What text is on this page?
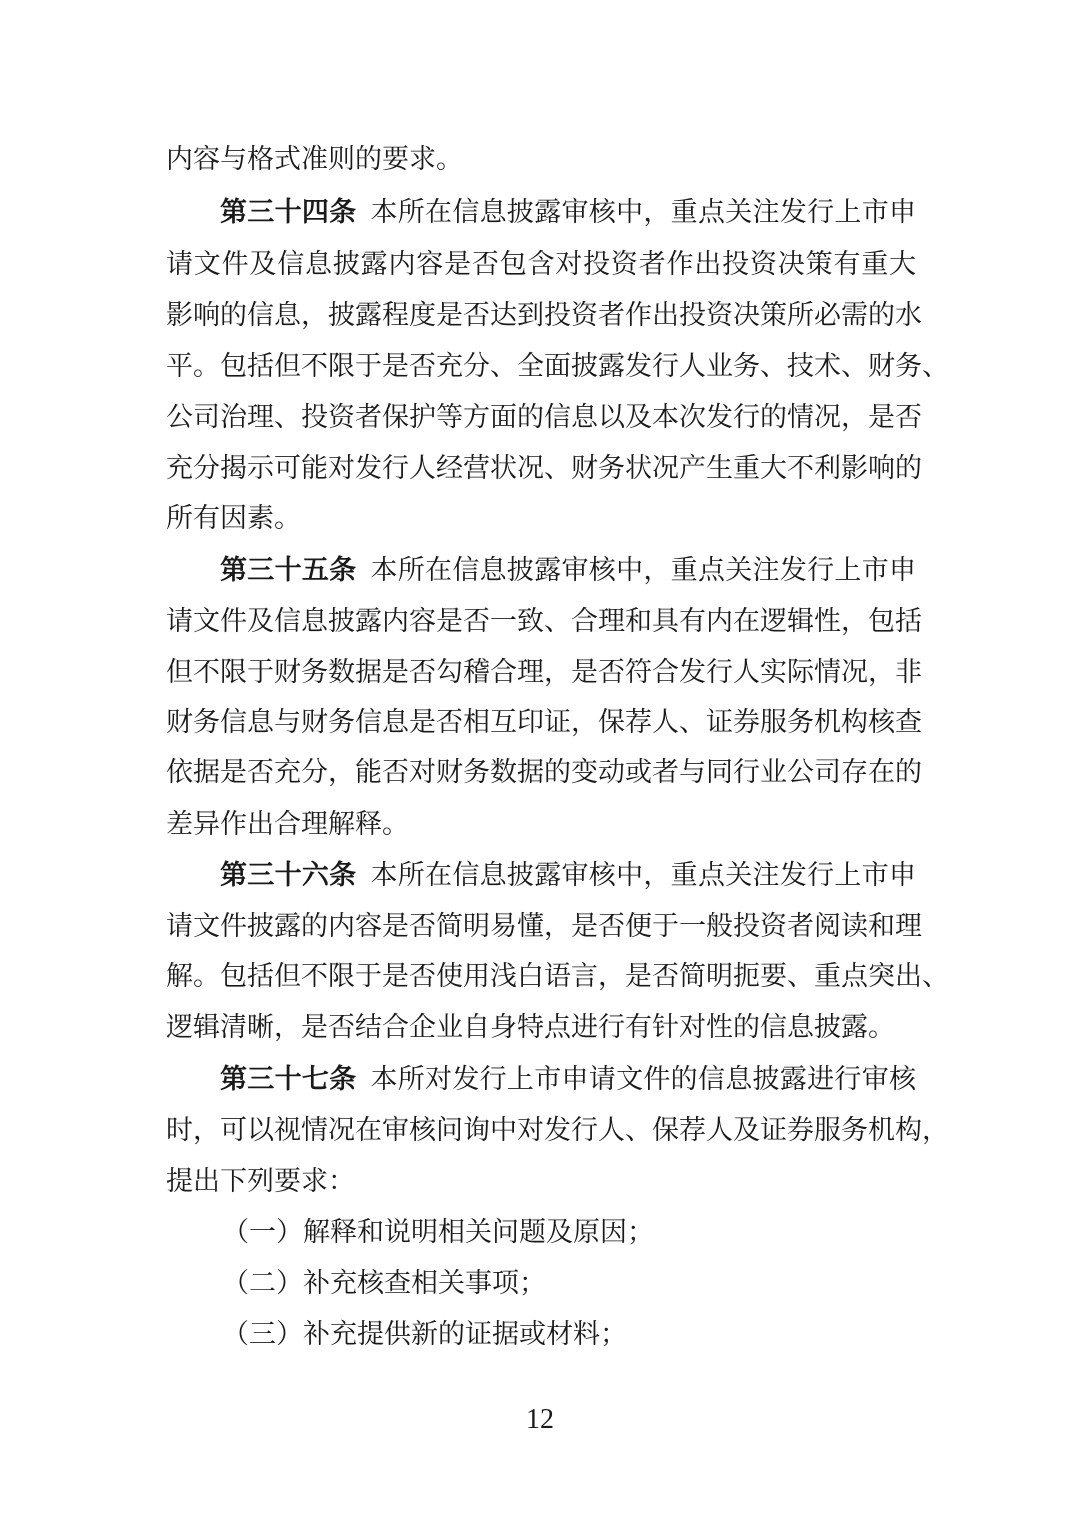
内容与格式准则的要求。
第三十四条 本所在信息披露审核中，重点关注发行上市申
请文件及信息披露内容是否包含对投资者作出投资决策有重大
影响的信息，披露程度是否达到投资者作出投资决策所必需的水
平。包括但不限于是否充分、全面披露发行人业务、技术、财务、
公司治理、投资者保护等方面的信息以及本次发行的情况，是否
充分揭示可能对发行人经营状况、财务状况产生重大不利影响的
所有因素。
第三十五条 本所在信息披露审核中，重点关注发行上市申
请文件及信息披露内容是否一致、合理和具有内在逻辑性，包括
但不限于财务数据是否勾稽合理，是否符合发行人实际情况，非
财务信息与财务信息是否相互印证，保荐人、证券服务机构核查
依据是否充分，能否对财务数据的变动或者与同行业公司存在的
差异作出合理解释。
第三十六条 本所在信息披露审核中，重点关注发行上市申
请文件披露的内容是否简明易懂，是否便于一般投资者阅读和理
解。包括但不限于是否使用浅白语言，是否简明扼要、重点突出、
逻辑清晰，是否结合企业自身特点进行有针对性的信息披露。
第三十七条 本所对发行上市申请文件的信息披露进行审核
时，可以视情况在审核问询中对发行人、保荐人及证券服务机构，
提出下列要求：
（一）解释和说明相关问题及原因；
（二）补充核查相关事项；
（三）补充提供新的证据或材料；
12
